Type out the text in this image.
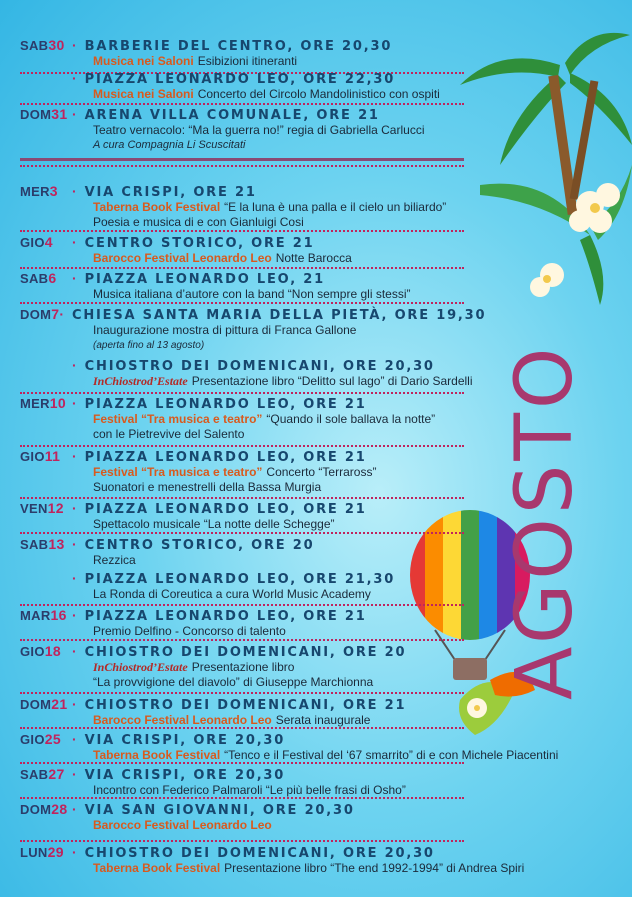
AGOSTO
SAB30 · BARBERIE DEL CENTRO, ORE 20,30
Musica nei Saloni Esibizioni itineranti
· PIAZZA LEONARDO LEO, ORE 22,30
Musica nei Saloni Concerto del Circolo Mandolinistico con ospiti
DOM31 · ARENA VILLA COMUNALE, ORE 21
Teatro vernacolo: “Ma la guerra no!” regia di Gabriella Carlucci
A cura Compagnia Li Scuscitati
MER3	· VIA CRISPI, ORE 21
Taberna Book Festival “E la luna è una palla e il cielo un biliardo”
Poesia e musica di e con Gianluigi Cosi
GIO4	· CENTRO STORICO, ORE 21
Barocco Festival Leonardo Leo Notte Barocca
SAB6	· PIAZZA LEONARDO LEO, 21
Musica italiana d’autore con la band “Non sempre gli stessi”
DOM7 · CHIESA SANTA MARIA DELLA PIETÀ, ORE 19,30
Inaugurazione mostra di pittura di Franca Gallone
(aperta fino al 13 agosto)
· CHIOSTRO DEI DOMENICANI, ORE 20,30
InChiostrod’Estate Presentazione libro “Delitto sul lago” di Dario Sardelli
MER10 · PIAZZA LEONARDO LEO, ORE 21
Festival “Tra musica e teatro” “Quando il sole ballava la notte”
con le Pietrevive del Salento
GIO11 · PIAZZA LEONARDO LEO, ORE 21
Festival “Tra musica e teatro” Concerto “Terraross”
Suonatori e menestrelli della Bassa Murgia
VEN12 · PIAZZA LEONARDO LEO, ORE 21
Spettacolo musicale “La notte delle Schegge”
SAB13 · CENTRO STORICO, ORE 20
Rezzica
· PIAZZA LEONARDO LEO, ORE 21,30
La Ronda di Coreutica a cura World Music Academy
MAR16 · PIAZZA LEONARDO LEO, ORE 21
Premio Delfino - Concorso di talento
GIO18 · CHIOSTRO DEI DOMENICANI, ORE 20
InChiostrod’Estate Presentazione libro
“La provvigione del diavolo” di Giuseppe Marchionna
DOM21 · CHIOSTRO DEI DOMENICANI, ORE 21
Barocco Festival Leonardo Leo Serata inaugurale
GIO25 · VIA CRISPI, ORE 20,30
Taberna Book Festival “Tenco e il Festival del ‘67 smarrito” di e con Michele Piacentini
SAB27 · VIA CRISPI, ORE 20,30
Incontro con Federico Palmaroli “Le più belle frasi di Osho”
DOM28 · VIA SAN GIOVANNI, ORE 20,30
Barocco Festival Leonardo Leo
LUN29 · CHIOSTRO DEI DOMENICANI, ORE 20,30
Taberna Book Festival Presentazione libro “The end 1992-1994” di Andrea Spiri
